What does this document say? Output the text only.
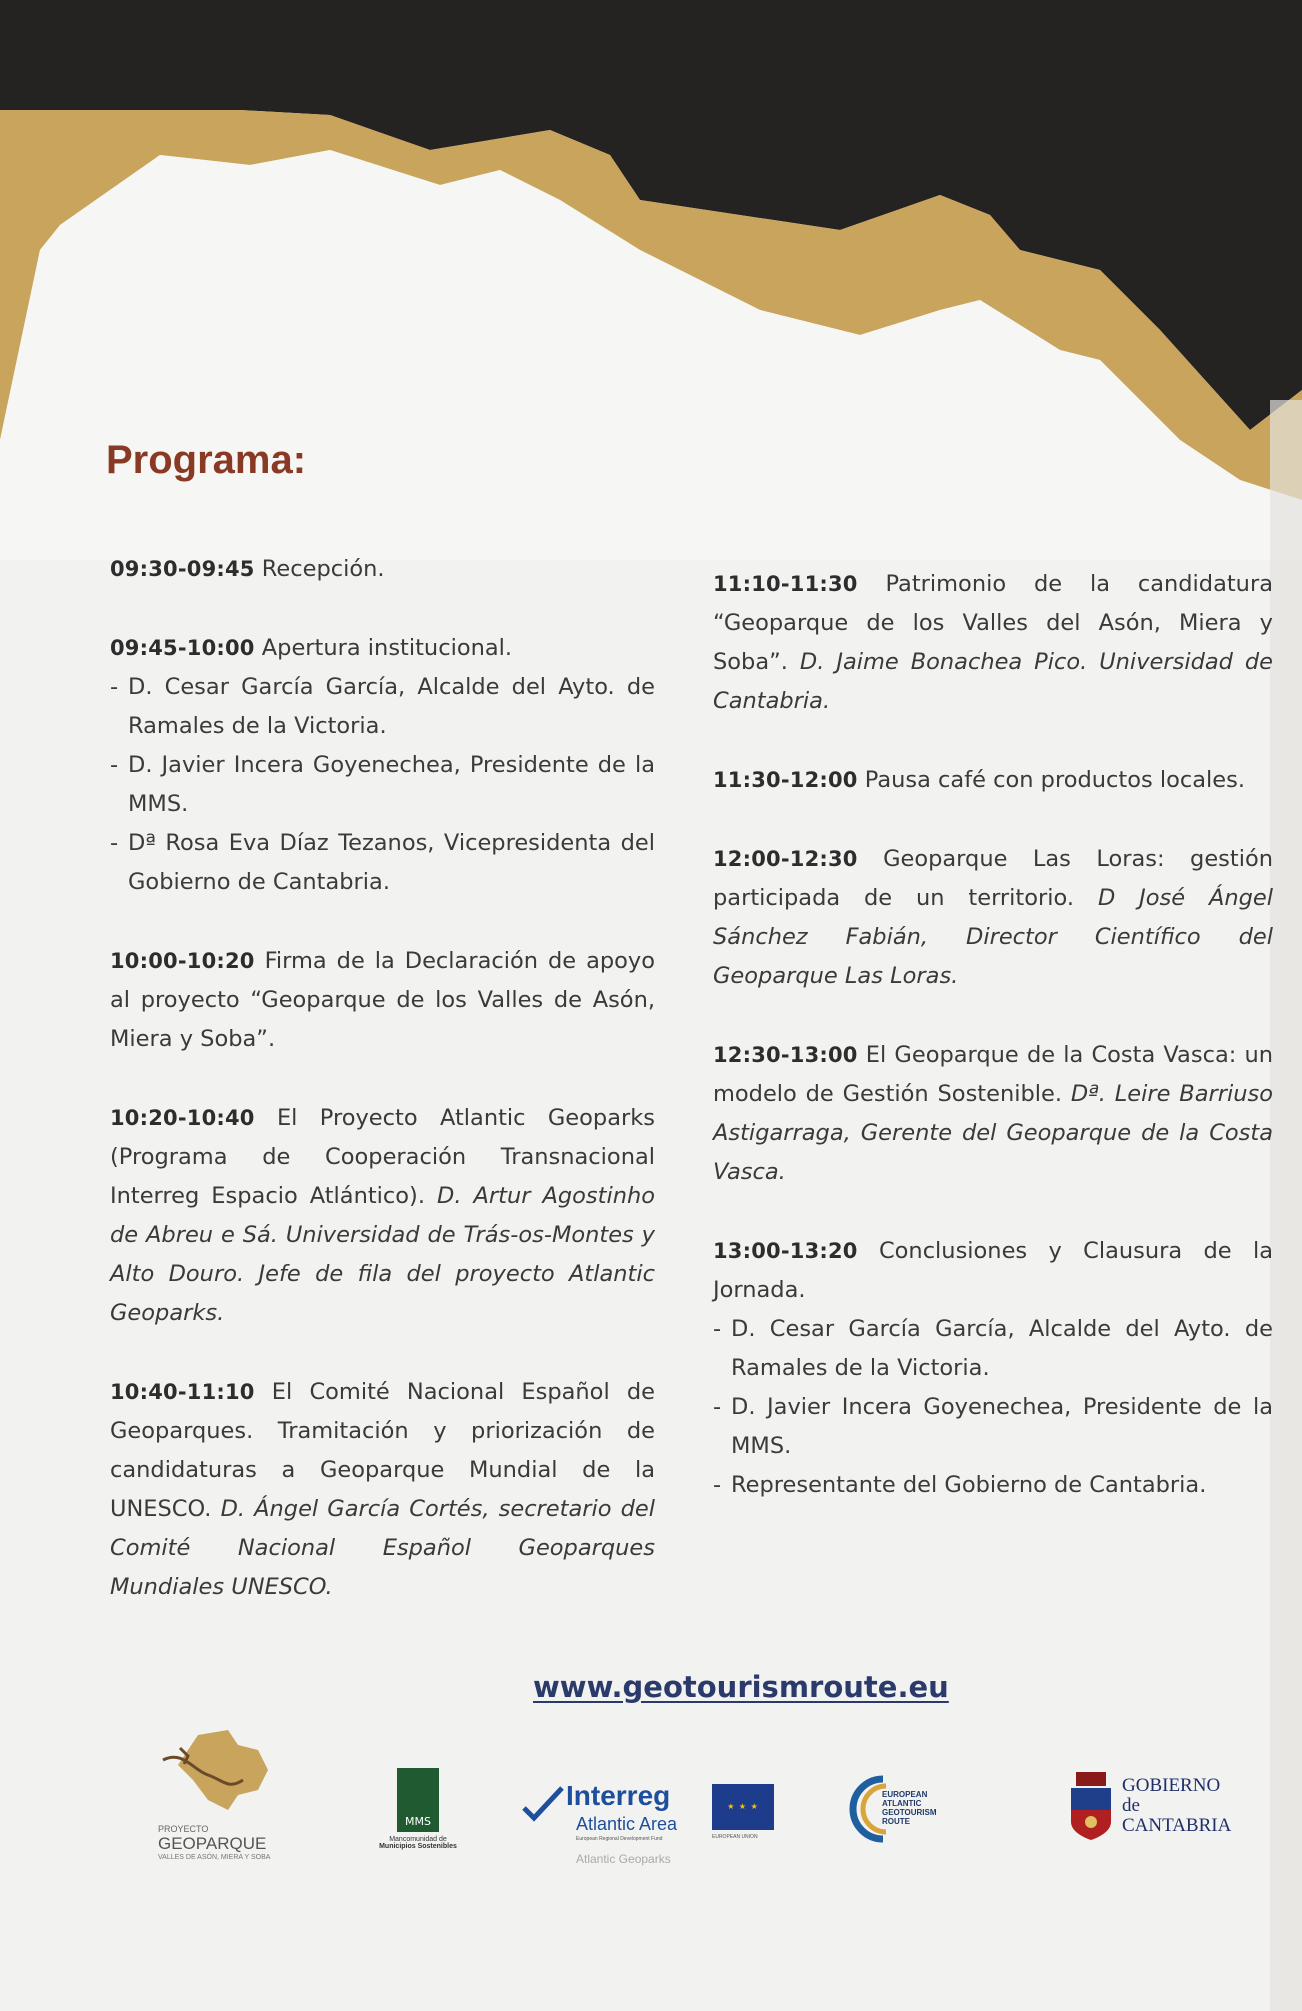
Programa:
09:30-09:45 Recepción.
09:45-10:00 Apertura institucional.
- D. Cesar García García, Alcalde del Ayto. de Ramales de la Victoria.
- D. Javier Incera Goyenechea, Presidente de la MMS.
- Dª Rosa Eva Díaz Tezanos, Vicepresidenta del Gobierno de Cantabria.
10:00-10:20 Firma de la Declaración de apoyo al proyecto “Geoparque de los Valles de Asón, Miera y Soba”.
10:20-10:40 El Proyecto Atlantic Geoparks (Programa de Cooperación Transnacional Interreg Espacio Atlántico). D. Artur Agostinho de Abreu e Sá. Universidad de Trás-os-Montes y Alto Douro. Jefe de fila del proyecto Atlantic Geoparks.
10:40-11:10 El Comité Nacional Español de Geoparques. Tramitación y priorización de candidaturas a Geoparque Mundial de la UNESCO. D. Ángel García Cortés, secretario del Comité Nacional Español Geoparques Mundiales UNESCO.
11:10-11:30 Patrimonio de la candidatura “Geoparque de los Valles del Asón, Miera y Soba”. D. Jaime Bonachea Pico. Universidad de Cantabria.
11:30-12:00 Pausa café con productos locales.
12:00-12:30 Geoparque Las Loras: gestión participada de un territorio. D José Ángel Sánchez Fabián, Director Científico del Geoparque Las Loras.
12:30-13:00 El Geoparque de la Costa Vasca: un modelo de Gestión Sostenible. Dª. Leire Barriuso Astigarraga, Gerente del Geoparque de la Costa Vasca.
13:00-13:20 Conclusiones y Clausura de la Jornada.
- D. Cesar García García, Alcalde del Ayto. de Ramales de la Victoria.
- D. Javier Incera Goyenechea, Presidente de la MMS.
- Representante del Gobierno de Cantabria.
www.geotourismroute.eu
PROYECTO
GEOPARQUE
VALLES DE ASÓN, MIERA Y SOBA
MMS
Mancomunidad de
Municipios Sostenibles
Interreg
Atlantic Area
European Regional Development Fund
Atlantic Geoparks
★ ★ ★
EUROPEAN UNION
EUROPEAN
ATLANTIC
GEOTOURISM
ROUTE
GOBIERNO
de
CANTABRIA
